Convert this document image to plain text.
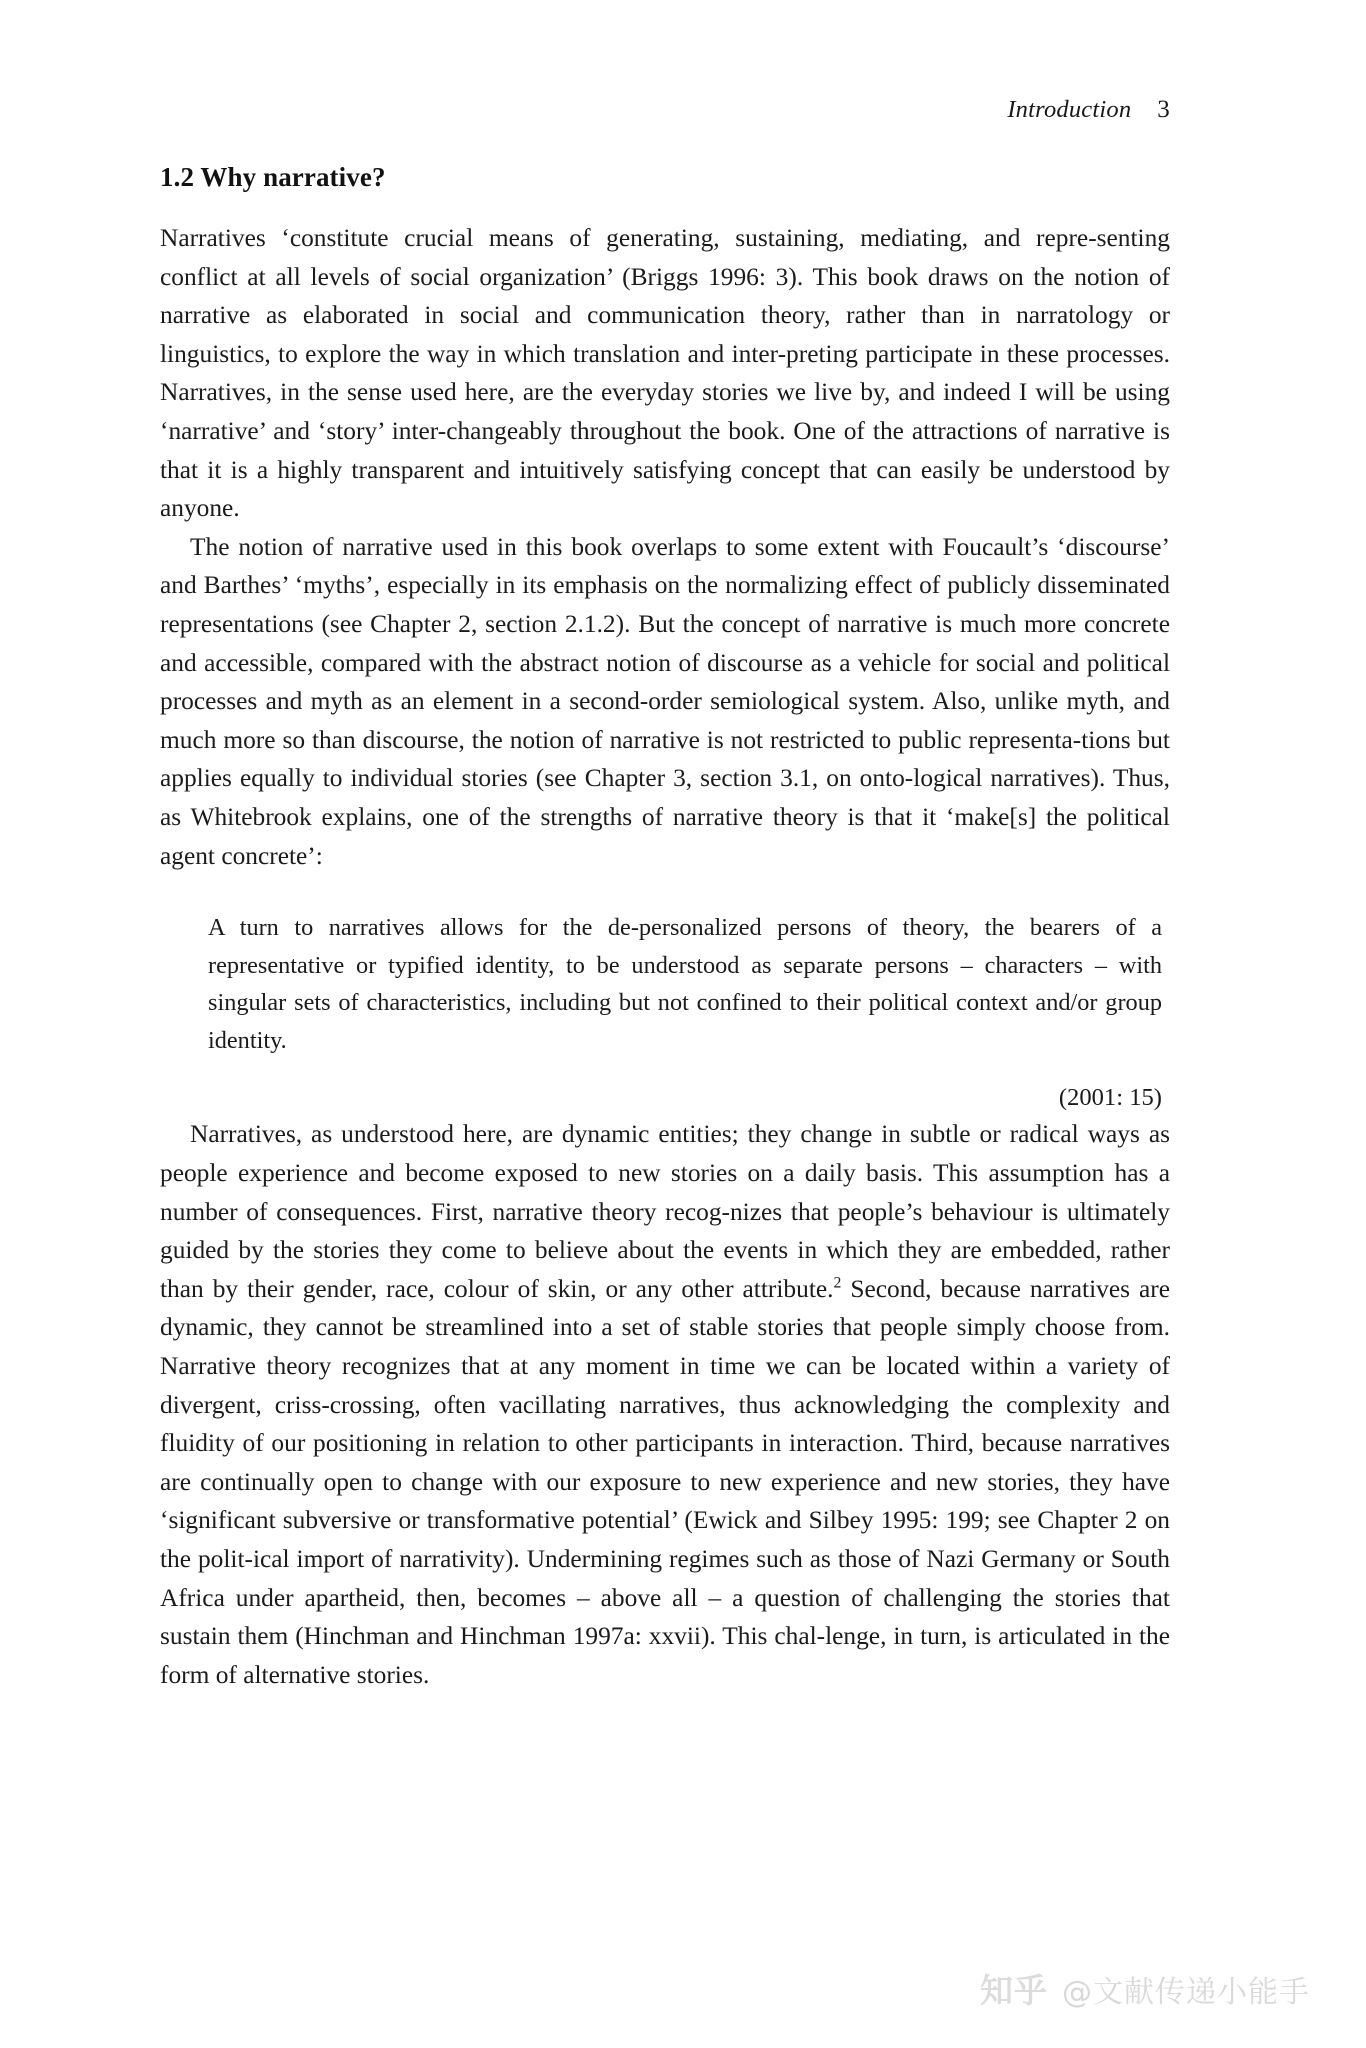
Introduction 3
1.2 Why narrative?

Narratives ‘constitute crucial means of generating, sustaining, mediating, and repre-senting conflict at all levels of social organization’ (Briggs 1996: 3). This book draws on the notion of narrative as elaborated in social and communication theory, rather than in narratology or linguistics, to explore the way in which translation and inter-preting participate in these processes. Narratives, in the sense used here, are the everyday stories we live by, and indeed I will be using ‘narrative’ and ‘story’ inter-changeably throughout the book. One of the attractions of narrative is that it is a highly transparent and intuitively satisfying concept that can easily be understood by anyone.

The notion of narrative used in this book overlaps to some extent with Foucault’s ‘discourse’ and Barthes’ ‘myths’, especially in its emphasis on the normalizing effect of publicly disseminated representations (see Chapter 2, section 2.1.2). But the concept of narrative is much more concrete and accessible, compared with the abstract notion of discourse as a vehicle for social and political processes and myth as an element in a second-order semiological system. Also, unlike myth, and much more so than discourse, the notion of narrative is not restricted to public representa-tions but applies equally to individual stories (see Chapter 3, section 3.1, on onto-logical narratives). Thus, as Whitebrook explains, one of the strengths of narrative theory is that it ‘make[s] the political agent concrete’:

A turn to narratives allows for the de-personalized persons of theory, the bearers of a representative or typified identity, to be understood as separate persons – characters – with singular sets of characteristics, including but not confined to their political context and/or group identity.

(2001: 15)

Narratives, as understood here, are dynamic entities; they change in subtle or radical ways as people experience and become exposed to new stories on a daily basis. This assumption has a number of consequences. First, narrative theory recog-nizes that people’s behaviour is ultimately guided by the stories they come to believe about the events in which they are embedded, rather than by their gender, race, colour of skin, or any other attribute.$^2$ Second, because narratives are dynamic, they cannot be streamlined into a set of stable stories that people simply choose from. Narrative theory recognizes that at any moment in time we can be located within a variety of divergent, criss-crossing, often vacillating narratives, thus acknowledging the complexity and fluidity of our positioning in relation to other participants in interaction. Third, because narratives are continually open to change with our exposure to new experience and new stories, they have ‘significant subversive or transformative potential’ (Ewick and Silbey 1995: 199; see Chapter 2 on the polit-ical import of narrativity). Undermining regimes such as those of Nazi Germany or South Africa under apartheid, then, becomes – above all – a question of challenging the stories that sustain them (Hinchman and Hinchman 1997a: xxvii). This chal-lenge, in turn, is articulated in the form of alternative stories.

知乎 @文献传递小能手
